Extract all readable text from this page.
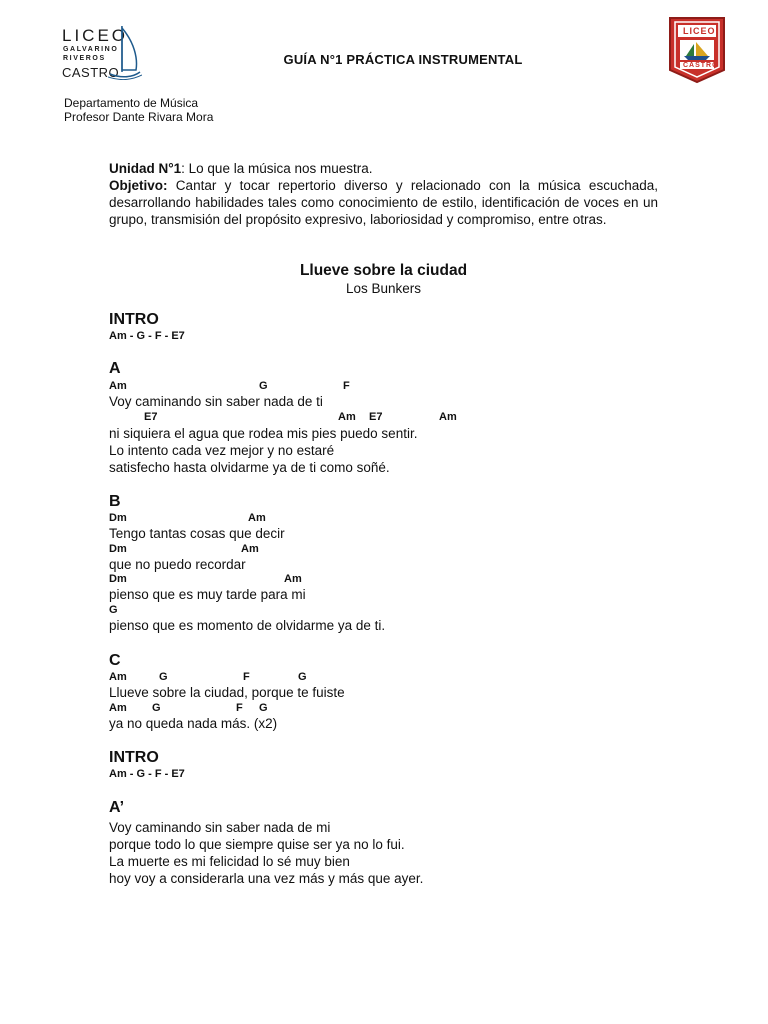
LICEO
GALVARINO
RIVEROS
CASTRO
GUÍA N°1 PRÁCTICA INSTRUMENTAL
LICEO
CASTRO
Departamento de Música
Profesor Dante Rivara Mora

Unidad N°1: Lo que la música nos muestra.

Objetivo: Cantar y tocar repertorio diverso y relacionado con la música escuchada, desarrollando habilidades tales como conocimiento de estilo, identificación de voces en un grupo, transmisión del propósito expresivo, laboriosidad y compromiso, entre otras.

Llueve sobre la ciudad
Los Bunkers
INTRO
Am - G - F - E7
A
Am	G	F
Voy caminando sin saber nada de ti
E7	Am E7	Am
ni siquiera el agua que rodea mis pies puedo sentir.
Lo intento cada vez mejor y no estaré
satisfecho hasta olvidarme ya de ti como soñé.
B
Dm	Am
Tengo tantas cosas que decir
Dm	Am
que no puedo recordar
Dm	Am
pienso que es muy tarde para mi
G
pienso que es momento de olvidarme ya de ti.
C
Am	G	F	G
Llueve sobre la ciudad, porque te fuiste
Am G	F G
ya no queda nada más. (x2)
INTRO
Am - G - F - E7
A’
Voy caminando sin saber nada de mi
porque todo lo que siempre quise ser ya no lo fui.
La muerte es mi felicidad lo sé muy bien
hoy voy a considerarla una vez más y más que ayer.
